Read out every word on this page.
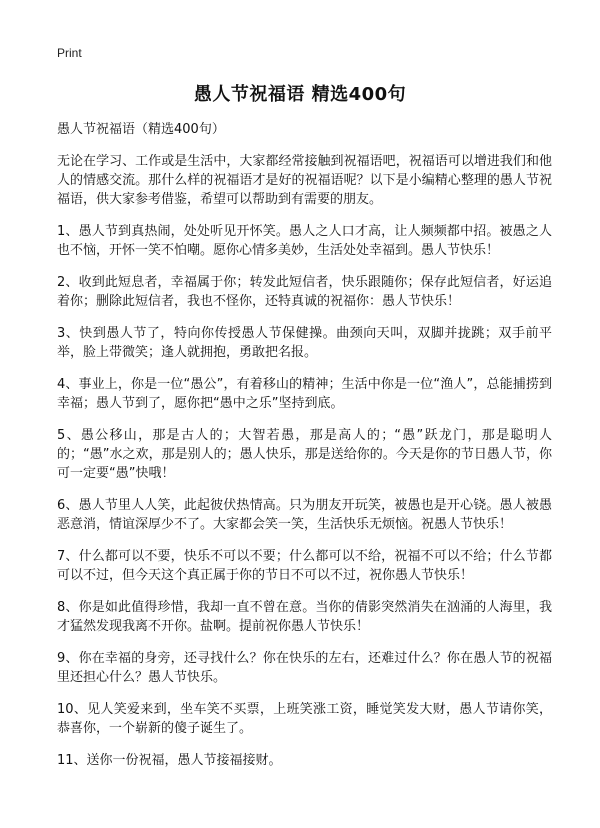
Print
愚人节祝福语 精选400句

愚人节祝福语（精选400句）

无论在学习、工作或是生活中，大家都经常接触到祝福语吧，祝福语可以增进我们和他人的情感交流。那什么样的祝福语才是好的祝福语呢？以下是小编精心整理的愚人节祝福语，供大家参考借鉴，希望可以帮助到有需要的朋友。

1、愚人节到真热闹，处处听见开怀笑。愚人之人口才高，让人频频都中招。被愚之人也不恼，开怀一笑不怕嘲。愿你心情多美妙，生活处处幸福到。愚人节快乐！

2、收到此短息者，幸福属于你；转发此短信者，快乐跟随你；保存此短信者，好运追着你；删除此短信者，我也不怪你，还特真诚的祝福你：愚人节快乐！

3、快到愚人节了，特向你传授愚人节保健操。曲颈向天叫，双脚并拢跳；双手前平举，脸上带微笑；逢人就拥抱，勇敢把名报。

4、事业上，你是一位“愚公”，有着移山的精神；生活中你是一位“渔人”，总能捕捞到幸福；愚人节到了，愿你把“愚中之乐”坚持到底。

5、愚公移山，那是古人的；大智若愚，那是高人的；“愚”跃龙门，那是聪明人的；“愚”水之欢，那是别人的；愚人快乐，那是送给你的。今天是你的节日愚人节，你可一定要“愚”快哦！

6、愚人节里人人笑，此起彼伏热情高。只为朋友开玩笑，被愚也是开心铙。愚人被愚恶意消，情谊深厚少不了。大家都会笑一笑，生活快乐无烦恼。祝愚人节快乐！

7、什么都可以不要，快乐不可以不要；什么都可以不给，祝福不可以不给；什么节都可以不过，但今天这个真正属于你的节日不可以不过，祝你愚人节快乐！

8、你是如此值得珍惜，我却一直不曾在意。当你的倩影突然消失在汹涌的人海里，我才猛然发现我离不开你。盐啊。提前祝你愚人节快乐！

9、你在幸福的身旁，还寻找什么？你在快乐的左右，还难过什么？你在愚人节的祝福里还担心什么？愚人节快乐。

10、见人笑爱来到，坐车笑不买票，上班笑涨工资，睡觉笑发大财，愚人节请你笑，恭喜你，一个崭新的傻子诞生了。

11、送你一份祝福，愚人节接福接财。
